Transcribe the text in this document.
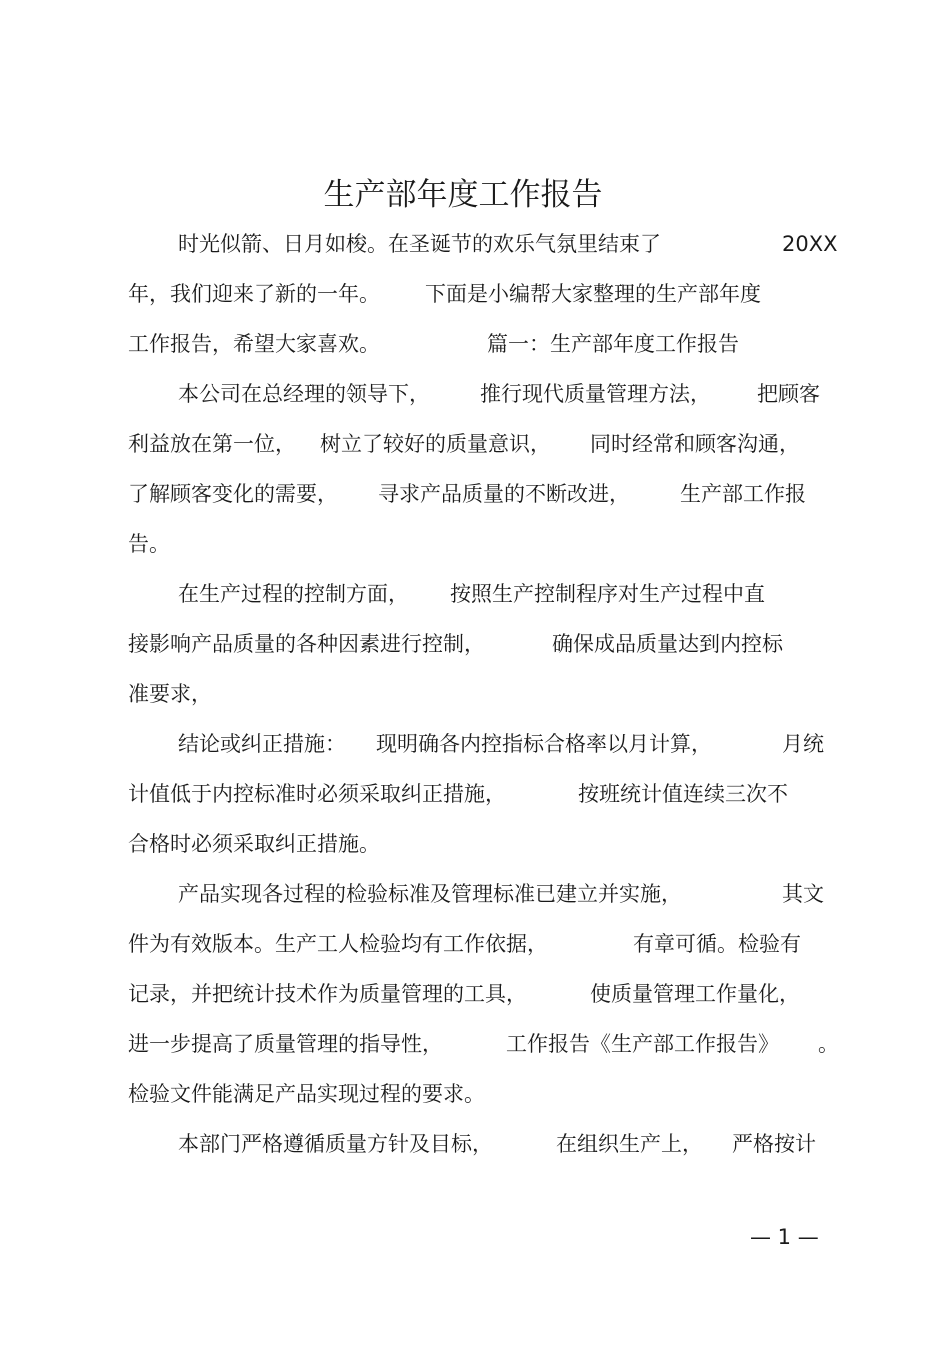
生产部年度工作报告
时光似箭、日月如梭。在圣诞节的欢乐气氛里结束了	20XX
年，我们迎来了新的一年。 下面是小编帮大家整理的生产部年度
工作报告，希望大家喜欢。	篇一：生产部年度工作报告
本公司在总经理的领导下， 推行现代质量管理方法， 把顾客
利益放在第一位， 树立了较好的质量意识， 同时经常和顾客沟通，
了解顾客变化的需要， 寻求产品质量的不断改进， 生产部工作报
告。
在生产过程的控制方面， 按照生产控制程序对生产过程中直
接影响产品质量的各种因素进行控制，	确保成品质量达到内控标
准要求，
结论或纠正措施： 现明确各内控指标合格率以月计算，	月统
计值低于内控标准时必须采取纠正措施，	按班统计值连续三次不
合格时必须采取纠正措施。
产品实现各过程的检验标准及管理标准已建立并实施，	其文
件为有效版本。生产工人检验均有工作依据，	有章可循。检验有
记录，并把统计技术作为质量管理的工具，	使质量管理工作量化，
进一步提高了质量管理的指导性，	工作报告《生产部工作报告》 。
检验文件能满足产品实现过程的要求。
本部门严格遵循质量方针及目标，	在组织生产上， 严格按计
— 1 —
